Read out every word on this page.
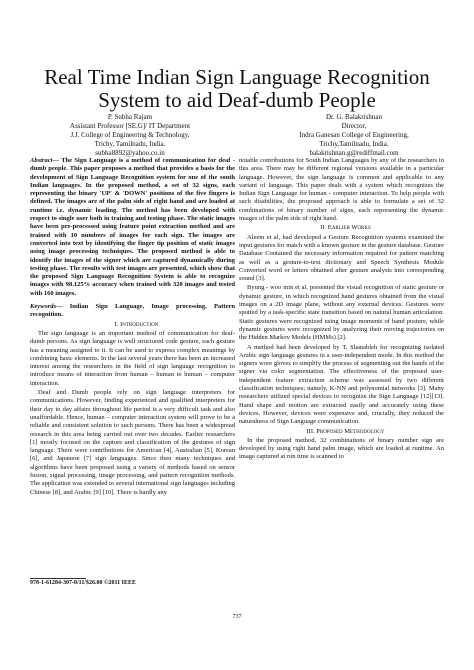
Real Time Indian Sign Language Recognition
System to aid Deaf-dumb People
P. Subha Rajam
Assistant Professor [SE.G]/ IT Department
J.J. College of Engineering & Technology,
Trichy, Tamilnadu, India.
subha8892@yahoo.co.in
Dr. G. Balakrishnan
Director,
Indra Ganesan College of Engineering,
Trichy,Tamilnadu, India.
balakrishnan.g@rediffmail.com

Abstract— The Sign Language is a method of communication for deaf - dumb people. This paper proposes a method that provides a basis for the development of Sign Language Recognition system for one of the south Indian languages. In the proposed method, a set of 32 signs, each representing the binary 'UP' & 'DOWN' positions of the five fingers is defined. The images are of the palm side of right hand and are loaded at runtime i.e. dynamic loading. The method has been developed with respect to single user both in training and testing phase. The static images have been pre-processed using feature point extraction method and are trained with 10 numbers of images for each sign. The images are converted into text by identifying the finger tip position of static images using image processing techniques. The proposed method is able to identify the images of the signer which are captured dynamically during testing phase. The results with test images are presented, which show that the proposed Sign Language Recognition System is able to recognize images with 98.125% accuracy when trained with 320 images and tested with 160 images.

Keywords— Indian Sign Language, Image processing, Pattern recognition.

I. Introduction

The sign language is an important method of communication for deaf-dumb persons. As sign language is well structured code gesture, each gesture has a meaning assigned to it. It can be used to express complex meanings by combining basic elements. In the last several years there has been an increased interest among the researchers in the field of sign language recognition to introduce means of interaction from human – human to human – computer interaction.

Deaf and Dumb people rely on sign language interpreters for communications. However, finding experienced and qualified interpreters for their day to day affairs throughout life period is a very difficult task and also unaffordable. Hence, human – computer interaction system will prove to be a reliable and consistent solution to such persons. There has been a widespread research in this area being carried out over two decades. Earlier researchers [1] mostly focused on the capture and classification of the gestures of sign language. There were contributions for American [4], Australian [5], Korean [6], and Japanese [7] sign languages. Since then many techniques and algorithms have been proposed using a variety of methods based on sensor fusion, signal processing, image processing, and pattern recognition methods. The application was extended to several international sign languages including Chinese [8], and Arabic [9] [10]. There is hardly any

notable contributions for South Indian Languages by any of the researchers in this area. There may be different regional versions available in a particular language. However, the sign language is common and applicable to any variant of language. This paper deals with a system which recognizes the Indian Sign Language for human - computer interaction. To help people with such disabilities, the proposed approach is able to formulate a set of 32 combinations of binary number of signs, each representing the dynamic images of the palm side of right hand.

II. Earlier Works

Aleem et al, had developed a Gesture Recognition systems examined the input gestures for match with a known gesture in the gesture database. Gesture Database Contained the necessary information required for pattern matching as well as a gesture-to-text dictionary and Speech Synthesis Module Converted word or letters obtained after gesture analysis into corresponding sound [3].

Byung - woo min et al, presented the visual recognition of static gesture or dynamic gesture, in which recognized hand gestures obtained from the visual images on a 2D image plane, without any external devices. Gestures were spotted by a task-specific state transition based on natural human articulation. Static gestures were recognized using image moments of hand posture, while dynamic gestures were recognized by analyzing their moving trajectories on the Hidden Markov Models (HMMs) [2].

A method had been developed by T. Shanableh for recognizing isolated Arabic sign language gestures in a user-independent mode. In this method the signers wore gloves to simplify the process of segmenting out the hands of the signer via color segmentation. The effectiveness of the proposed user-independent feature extraction scheme was assessed by two different classification techniques; namely, K-NN and polynomial networks [3]. Many researchers utilized special devices to recognize the Sign Language [12][13]. Hand shape and motion are extracted easily and accurately using these devices. However, devices were expensive and, crucially, they reduced the naturalness of Sign Language communication.

III. Proposed Methodology

In the proposed method, 32 combinations of binary number sign are developed by using right hand palm image, which are loaded at runtime. An image captured at run time is scanned to

978-1-61284-307-0/11/$26.00 ©2011 IEEE
737
